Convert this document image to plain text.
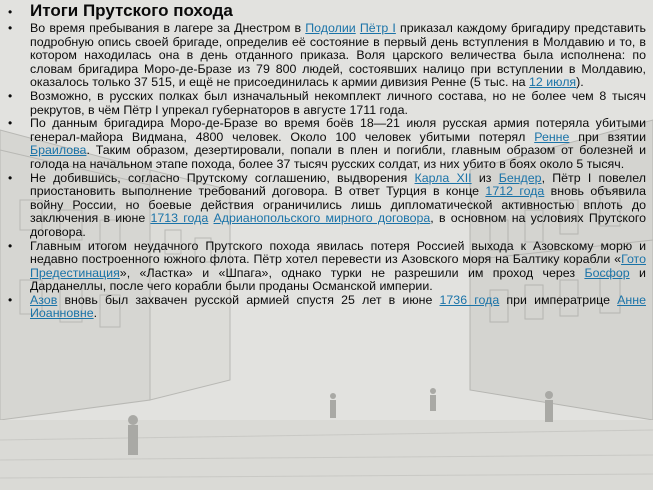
•	Итоги Прутского похода
•	Во время пребывания в лагере за Днестром в Подолии Пётр I приказал каждому бригадиру представить подробную опись своей бригаде, определив её состояние в первый день вступления в Молдавию и то, в котором находилась она в день отданного приказа. Воля царского величества была исполнена: по словам бригадира Моро-де-Бразе из 79 800 людей, состоявших налицо при вступлении в Молдавию, оказалось только 37 515, и ещё не присоединилась к армии дивизия Ренне (5 тыс. на 12 июля).
•	Возможно, в русских полках был изначальный некомплект личного состава, но не более чем 8 тысяч рекрутов, в чём Пётр I упрекал губернаторов в августе 1711 года.
•	По данным бригадира Моро-де-Бразе во время боёв 18—21 июля русская армия потеряла убитыми генерал-майора Видмана, 4800 человек. Около 100 человек убитыми потерял Ренне при взятии Браилова. Таким образом, дезертировали, попали в плен и погибли, главным образом от болезней и голода на начальном этапе похода, более 37 тысяч русских солдат, из них убито в боях около 5 тысяч.
•	Не добившись, согласно Прутскому соглашению, выдворения Карла XII из Бендер, Пётр I повелел приостановить выполнение требований договора. В ответ Турция в конце 1712 года вновь объявила войну России, но боевые действия ограничились лишь дипломатической активностью вплоть до заключения в июне 1713 года Адрианопольского мирного договора, в основном на условиях Прутского договора.
•	Главным итогом неудачного Прутского похода явилась потеря Россией выхода к Азовскому морю и недавно построенного южного флота. Пётр хотел перевести из Азовского моря на Балтику корабли «Гото Предестинация», «Ластка» и «Шпага», однако турки не разрешили им проход через Босфор и Дарданеллы, после чего корабли были проданы Османской империи.
•	Азов вновь был захвачен русской армией спустя 25 лет в июне 1736 года при императрице Анне Иоанновне.
